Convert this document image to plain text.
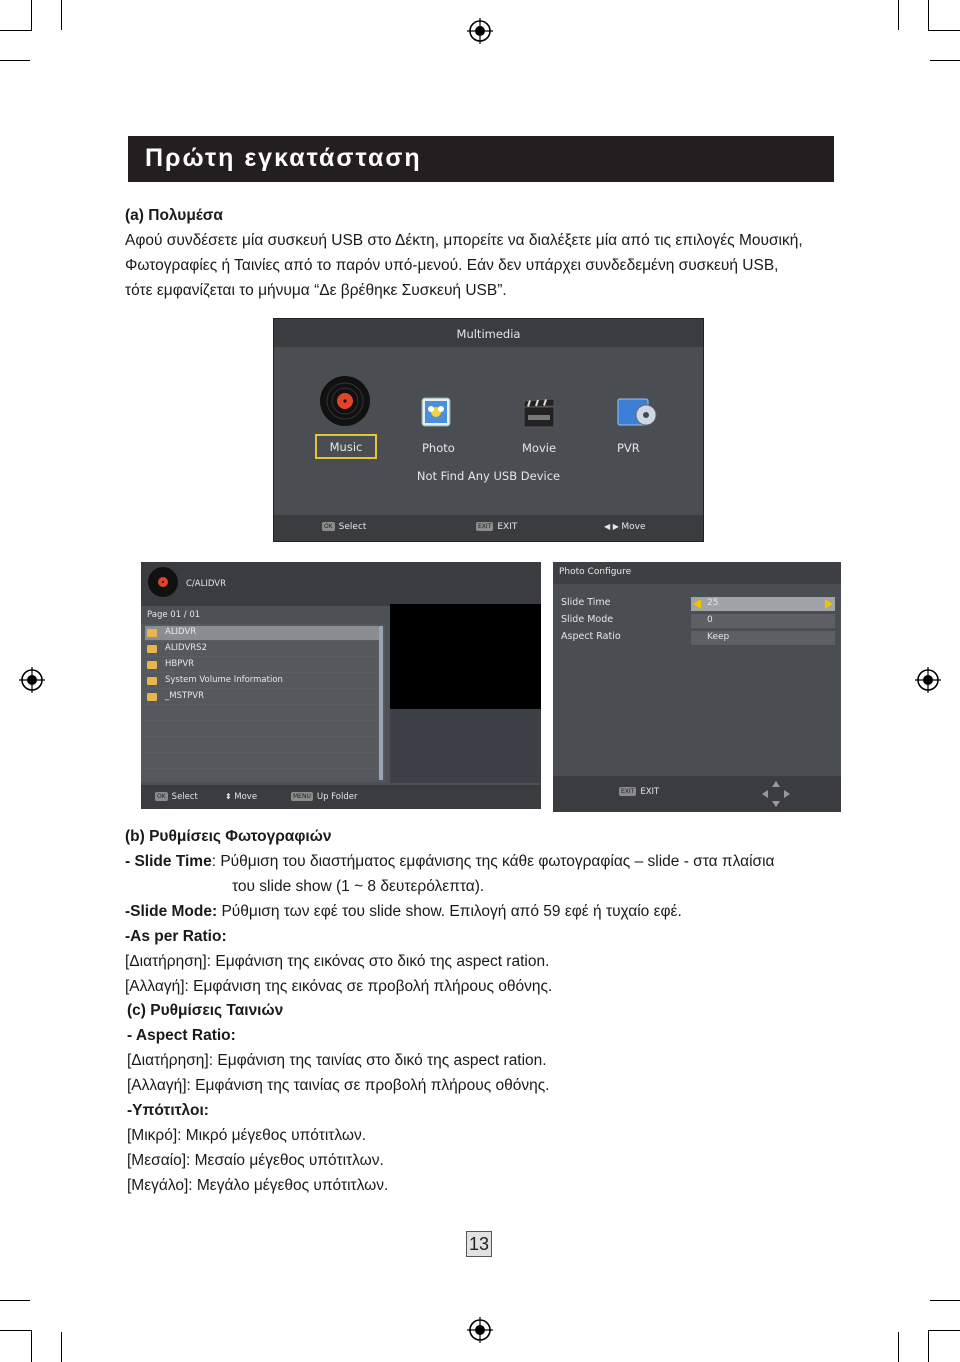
Πρώτη εγκατάσταση
(a) Πολυμέσα
Αφού συνδέσετε μία συσκευή USB στο Δέκτη, μπορείτε να διαλέξετε μία από τις επιλογές Μουσική,
Φωτογραφίες ή Ταινίες από το παρόν υπό-μενού. Εάν δεν υπάρχει συνδεδεμένη συσκευή USB,
τότε εμφανίζεται το μήνυμα “Δε βρέθηκε Συσκευή USB”.
Multimedia
Music	Photo	Movie	PVR
Not Find Any USB Device
OK Select	EXIT EXIT	◀ ▶ Move
C/ALIDVR
Page 01 / 01
ALIDVR
ALIDVRS2
HBPVR
System Volume Information
_MSTPVR
OK Select	⬍ Move	MENU Up Folder
Photo Configure
Slide Time	25
Slide Mode	0
Aspect Ratio	Keep
EXIT EXIT
(b) Ρυθμίσεις Φωτογραφιών
- Slide Time: Ρύθμιση του διαστήματος εμφάνισης της κάθε φωτογραφίας – slide - στα πλαίσια
του slide show (1 ~ 8 δευτερόλεπτα).
-Slide Mode: Ρύθμιση των εφέ του slide show. Επιλογή από 59 εφέ ή τυχαίο εφέ.
-As per Ratio:
[Διατήρηση]: Εμφάνιση της εικόνας στο δικό της aspect ration.
[Αλλαγή]: Εμφάνιση της εικόνας σε προβολή πλήρους οθόνης.
(c) Ρυθμίσεις Ταινιών
- Aspect Ratio:
[Διατήρηση]: Εμφάνιση της ταινίας στο δικό της aspect ration.
[Αλλαγή]: Εμφάνιση της ταινίας σε προβολή πλήρους οθόνης.
-Υπότιτλοι:
[Μικρό]: Μικρό μέγεθος υπότιτλων.
[Μεσαίο]: Μεσαίο μέγεθος υπότιτλων.
[Μεγάλο]: Μεγάλο μέγεθος υπότιτλων.
13
